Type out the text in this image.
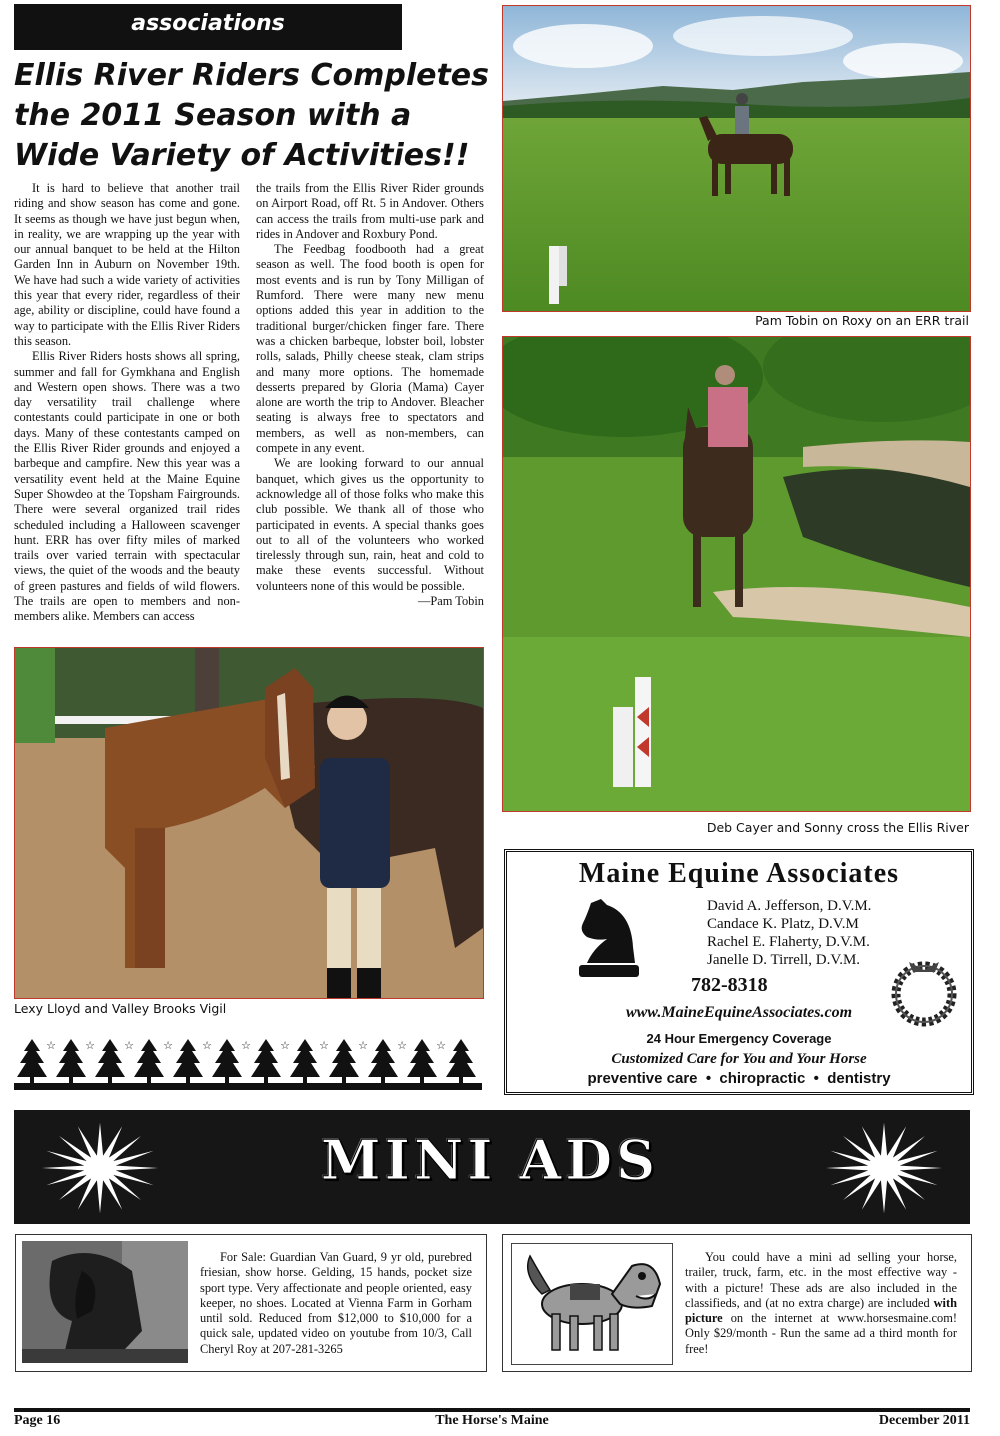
associations
Ellis River Riders Completes the 2011 Season with a Wide Variety of Activities!!

It is hard to believe that another trail riding and show season has come and gone. It seems as though we have just begun when, in reality, we are wrapping up the year with our annual banquet to be held at the Hilton Garden Inn in Auburn on November 19th. We have had such a wide variety of activities this year that every rider, regardless of their age, ability or discipline, could have found a way to participate with the Ellis River Riders this season.

Ellis River Riders hosts shows all spring, summer and fall for Gymkhana and English and Western open shows. There was a two day versatility trail challenge where contestants could participate in one or both days. Many of these contestants camped on the Ellis River Rider grounds and enjoyed a barbeque and campfire. New this year was a versatility event held at the Maine Equine Super Showdeo at the Topsham Fairgrounds. There were several organized trail rides scheduled including a Halloween scavenger hunt. ERR has over fifty miles of marked trails over varied terrain with spectacular views, the quiet of the woods and the beauty of green pastures and fields of wild flowers. The trails are open to members and non-members alike. Members can access

the trails from the Ellis River Rider grounds on Airport Road, off Rt. 5 in Andover. Others can access the trails from multi-use park and rides in Andover and Roxbury Pond.

The Feedbag foodbooth had a great season as well. The food booth is open for most events and is run by Tony Milligan of Rumford. There were many new menu options added this year in addition to the traditional burger/chicken finger fare. There was a chicken barbeque, lobster boil, lobster rolls, salads, Philly cheese steak, clam strips and many more options. The homemade desserts prepared by Gloria (Mama) Cayer alone are worth the trip to Andover. Bleacher seating is always free to spectators and members, as well as non-members, can compete in any event.

We are looking forward to our annual banquet, which gives us the opportunity to acknowledge all of those folks who make this club possible. We thank all of those who participated in events. A special thanks goes out to all of the volunteers who worked tirelessly through sun, rain, heat and cold to make these events successful. Without volunteers none of this would be possible.

—Pam Tobin
Pam Tobin on Roxy on an ERR trail
Deb Cayer and Sonny cross the Ellis River
Lexy Lloyd and Valley Brooks Vigil
☆	☆	☆	☆	☆	☆	☆	☆	☆	☆	☆
Maine Equine Associates
David A. Jefferson, D.V.M.
Candace K. Platz, D.V.M
Rachel E. Flaherty, D.V.M.
Janelle D. Tirrell, D.V.M.
782-8318
www.MaineEquineAssociates.com
24 Hour Emergency Coverage
Customized Care for You and Your Horse
preventive care  •  chiropractic  •  dentistry
MINI ADS

For Sale: Guardian Van Guard, 9 yr old, purebred friesian, show horse. Gelding, 15 hands, pocket size sport type. Very affectionate and people oriented, easy keeper, no shoes. Located at Vienna Farm in Gorham until sold. Reduced from $12,000 to $10,000 for a quick sale, updated video on youtube from 10/3, Call Cheryl Roy at 207-281-3265

You could have a mini ad selling your horse, trailer, truck, farm, etc. in the most effective way - with a picture! These ads are also included in the classifieds, and (at no extra charge) are included with picture on the internet at www.horsesmaine.com! Only $29/month - Run the same ad a third month for free!

Page 16	The Horse's Maine	December 2011
